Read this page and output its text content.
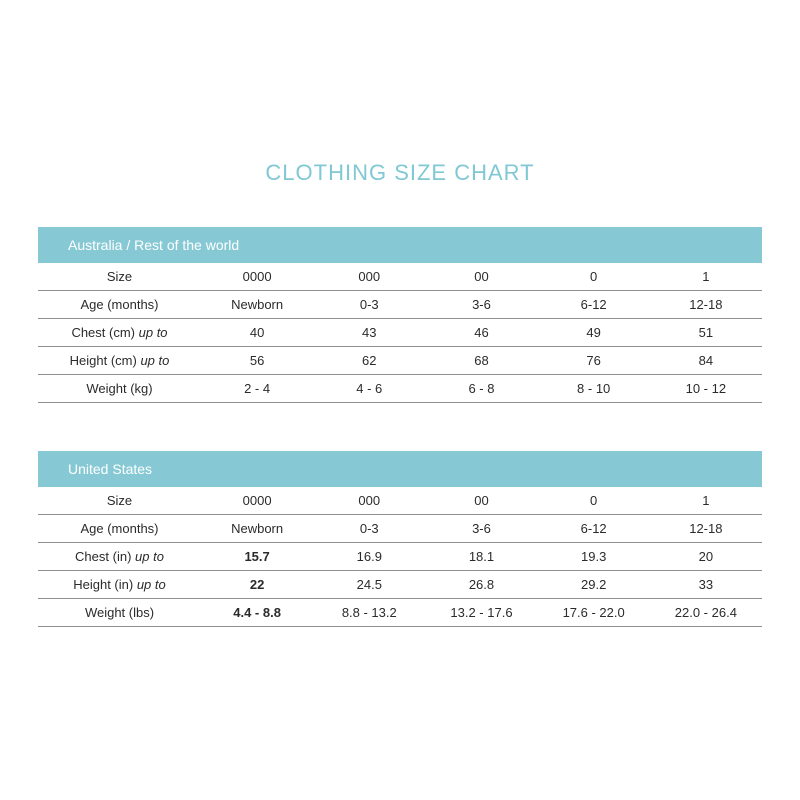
CLOTHING SIZE CHART
Australia / Rest of the world
Size	0000	000	00	0	1
Age (months)	Newborn	0-3	3-6	6-12	12-18
Chest (cm) up to	40	43	46	49	51
Height (cm) up to	56	62	68	76	84
Weight (kg)	2 - 4	4 - 6	6 - 8	8 - 10	10 - 12
United States
Size	0000	000	00	0	1
Age (months)	Newborn	0-3	3-6	6-12	12-18
Chest (in) up to	15.7	16.9	18.1	19.3	20
Height (in) up to	22	24.5	26.8	29.2	33
Weight (lbs)	4.4 - 8.8	8.8 - 13.2	13.2 - 17.6	17.6 - 22.0	22.0 - 26.4
